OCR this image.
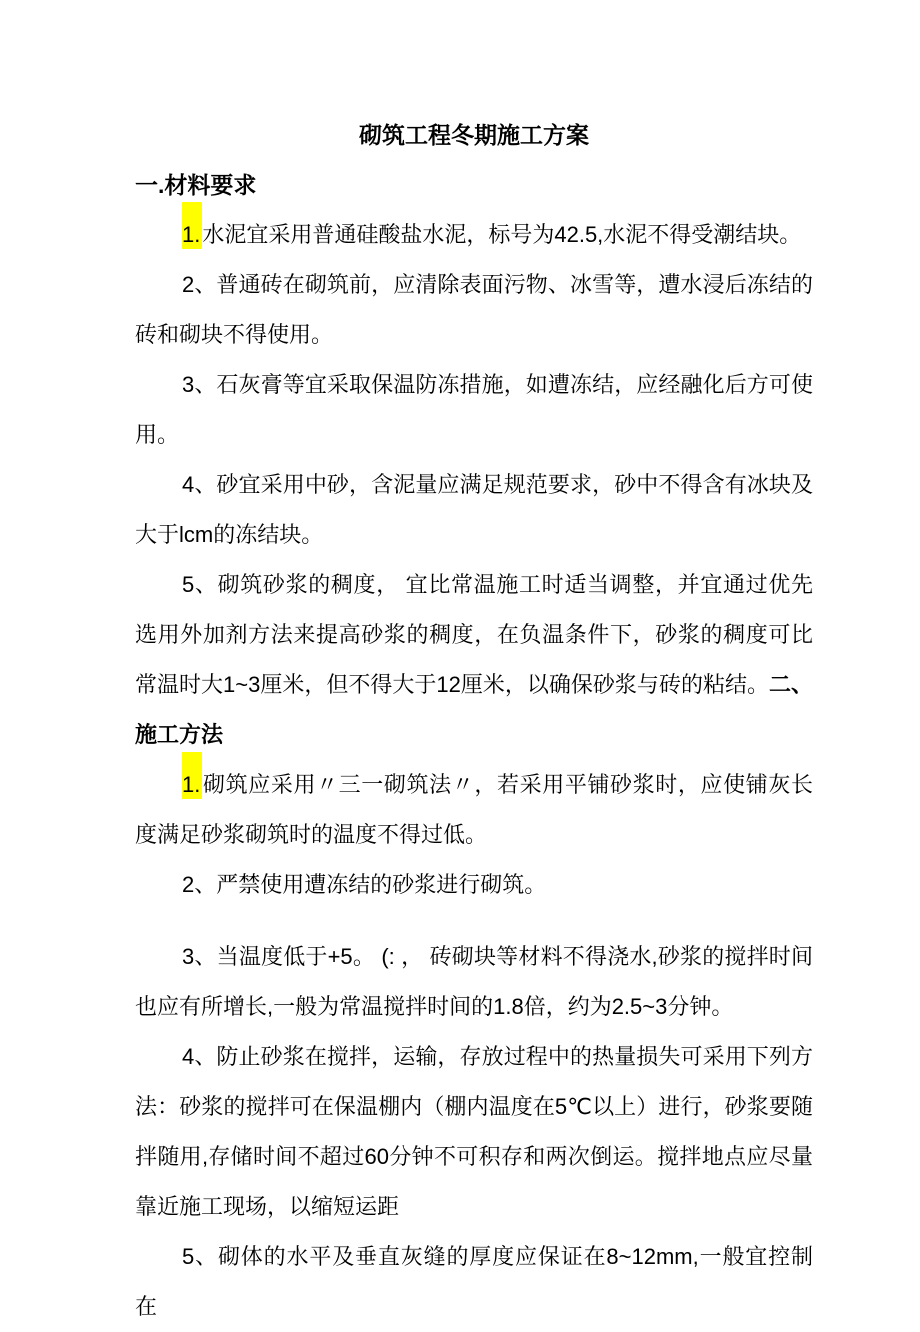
砌筑工程冬期施工方案
一.材料要求

1.水泥宜采用普通硅酸盐水泥，标号为42.5,水泥不得受潮结块。

2、普通砖在砌筑前，应清除表面污物、冰雪等，遭水浸后冻结的砖和砌块不得使用。

3、石灰膏等宜采取保温防冻措施，如遭冻结，应经融化后方可使用。

4、砂宜采用中砂，含泥量应满足规范要求，砂中不得含有冰块及大于lcm的冻结块。

5、砌筑砂浆的稠度， 宜比常温施工时适当调整，并宜通过优先选用外加剂方法来提高砂浆的稠度，在负温条件下，砂浆的稠度可比常温时大1~3厘米，但不得大于12厘米，以确保砂浆与砖的粘结。二、施工方法

1.砌筑应采用〃三一砌筑法〃，若采用平铺砂浆时，应使铺灰长度满足砂浆砌筑时的温度不得过低。

2、严禁使用遭冻结的砂浆进行砌筑。

3、当温度低于+5。 (: ， 砖砌块等材料不得浇水,砂浆的搅拌时间也应有所增长,一般为常温搅拌时间的1.8倍，约为2.5~3分钟。

4、防止砂浆在搅拌，运输，存放过程中的热量损失可采用下列方法：砂浆的搅拌可在保温棚内（棚内温度在5℃以上）进行，砂浆要随拌随用,存储时间不超过60分钟不可积存和两次倒运。搅拌地点应尽量靠近施工现场，以缩短运距

5、砌体的水平及垂直灰缝的厚度应保证在8~12mm,一般宜控制在
